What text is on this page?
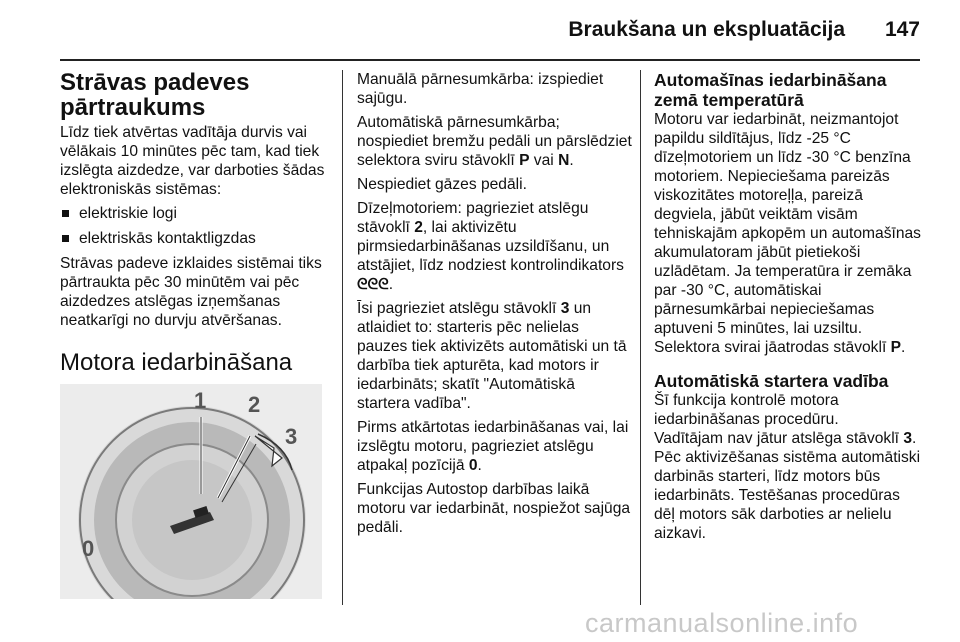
Braukšana un ekspluatācija 147
Strāvas padeves pārtraukums

Līdz tiek atvērtas vadītāja durvis vai vēlākais 10 minūtes pēc tam, kad tiek izslēgta aizdedze, var darboties šādas elektroniskās sistēmas:

elektriskie logi
elektriskās kontaktligzdas

Strāvas padeve izklaides sistēmai tiks pārtraukta pēc 30 minūtēm vai pēc aizdedzes atslēgas izņemšanas neatkarīgi no durvju atvēršanas.

Motora iedarbināšana
1 2
3
0

Manuālā pārnesumkārba: izspiediet sajūgu.

Automātiskā pārnesumkārba; nospiediet bremžu pedāli un pārslēdziet selektora sviru stāvoklī P vai N.

Nespiediet gāzes pedāli.

Dīzeļmotoriem: pagrieziet atslēgu stāvoklī 2, lai aktivizētu pirmsiedarbināšanas uzsildīšanu, un atstājiet, līdz nodziest kontrolindikators ᘓᘓᘓ.

Īsi pagrieziet atslēgu stāvoklī 3 un atlaidiet to: starteris pēc nelielas pauzes tiek aktivizēts automātiski un tā darbība tiek apturēta, kad motors ir iedarbināts; skatīt "Automātiskā startera vadība".

Pirms atkārtotas iedarbināšanas vai, lai izslēgtu motoru, pagrieziet atslēgu atpakaļ pozīcijā 0.

Funkcijas Autostop darbības laikā motoru var iedarbināt, nospiežot sajūga pedāli.

Automašīnas iedarbināšana zemā temperatūrā

Motoru var iedarbināt, neizmantojot papildu sildītājus, līdz -25 °C dīzeļmotoriem un līdz -30 °C benzīna motoriem. Nepieciešama pareizās viskozitātes motoreļļa, pareizā degviela, jābūt veiktām visām tehniskajām apkopēm un automašīnas akumulatoram jābūt pietiekoši uzlādētam. Ja temperatūra ir zemāka par -30 °C, automātiskai pārnesumkārbai nepieciešamas aptuveni 5 minūtes, lai uzsiltu. Selektora svirai jāatrodas stāvoklī P.

Automātiskā startera vadība

Šī funkcija kontrolē motora iedarbināšanas procedūru.

Vadītājam nav jātur atslēga stāvoklī 3. Pēc aktivizēšanas sistēma automātiski darbinās starteri, līdz motors būs iedarbināts. Testēšanas procedūras dēļ motors sāk darboties ar nelielu aizkavi.

carmanualsonline.info
